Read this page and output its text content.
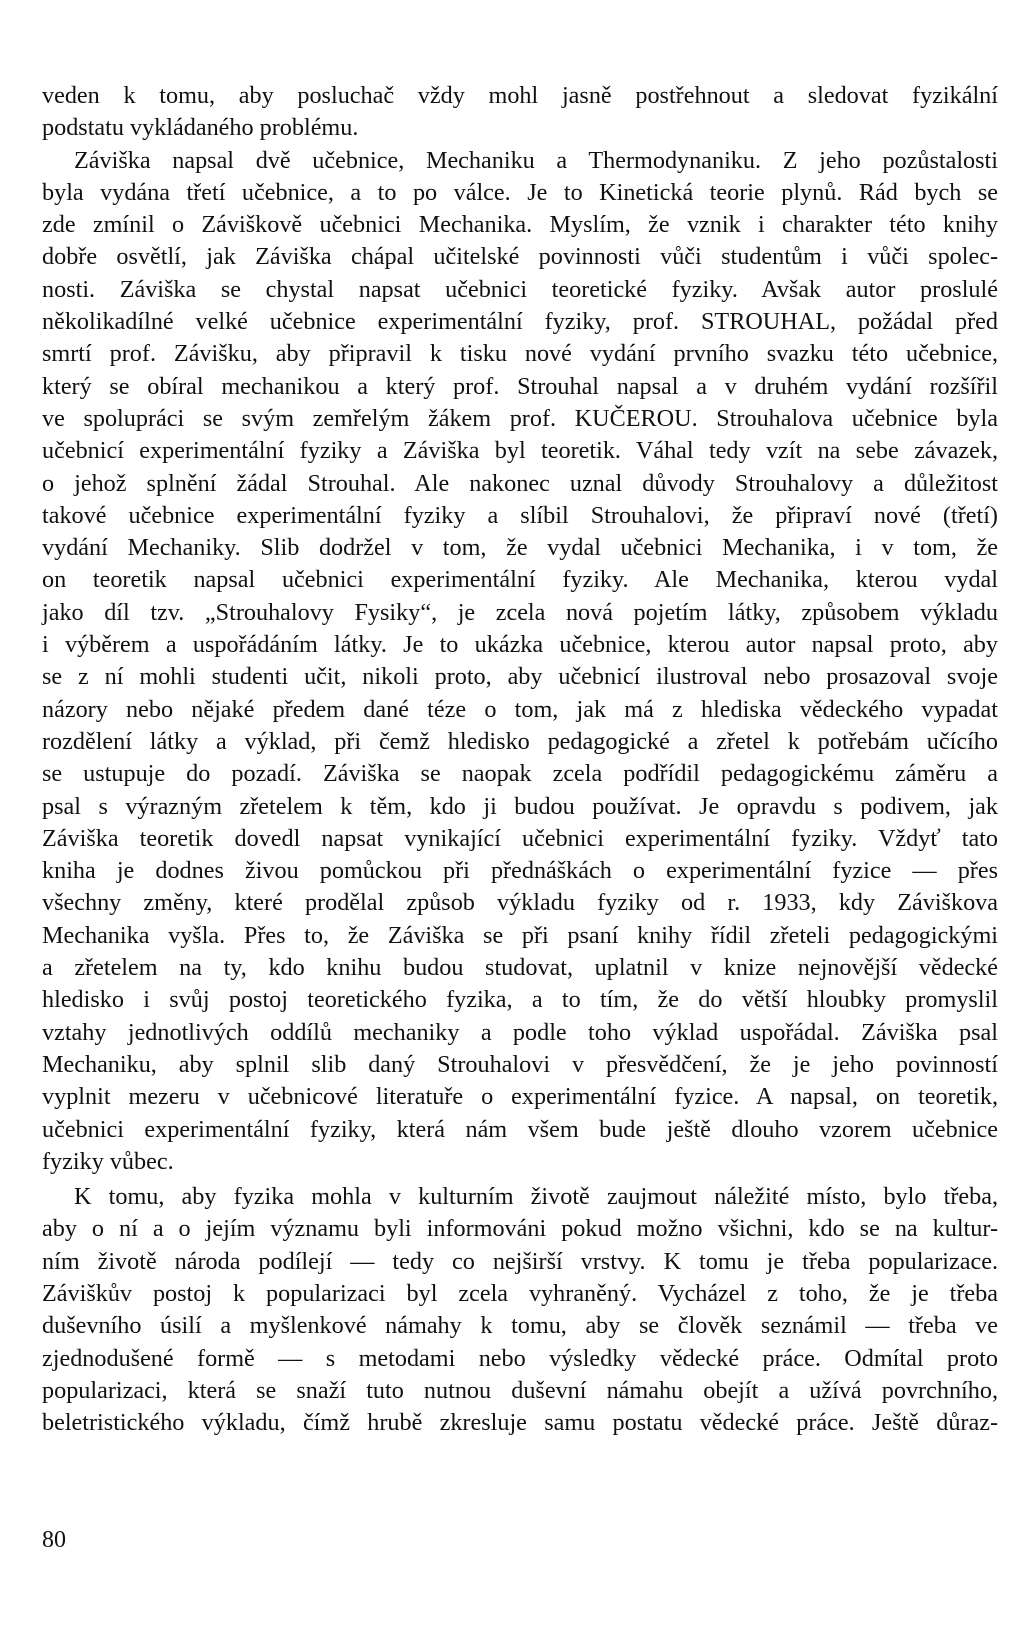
veden k tomu, aby posluchač vždy mohl jasně postřehnout a sledovat fyzikální
podstatu vykládaného problému.
Záviška napsal dvě učebnice, Mechaniku a Thermodynaniku. Z jeho pozůstalosti
byla vydána třetí učebnice, a to po válce. Je to Kinetická teorie plynů. Rád bych se
zde zmínil o Záviškově učebnici Mechanika. Myslím, že vznik i charakter této knihy
dobře osvětlí, jak Záviška chápal učitelské povinnosti vůči studentům i vůči spolec-
nosti. Záviška se chystal napsat učebnici teoretické fyziky. Avšak autor proslulé
několikadílné velké učebnice experimentální fyziky, prof. STROUHAL, požádal před
smrtí prof. Závišku, aby připravil k tisku nové vydání prvního svazku této učebnice,
který se obíral mechanikou a který prof. Strouhal napsal a v druhém vydání rozšířil
ve spolupráci se svým zemřelým žákem prof. KUČEROU. Strouhalova učebnice byla
učebnicí experimentální fyziky a Záviška byl teoretik. Váhal tedy vzít na sebe závazek,
o jehož splnění žádal Strouhal. Ale nakonec uznal důvody Strouhalovy a důležitost
takové učebnice experimentální fyziky a slíbil Strouhalovi, že připraví nové (třetí)
vydání Mechaniky. Slib dodržel v tom, že vydal učebnici Mechanika, i v tom, že
on teoretik napsal učebnici experimentální fyziky. Ale Mechanika, kterou vydal
jako díl tzv. „Strouhalovy Fysiky“, je zcela nová pojetím látky, způsobem výkladu
i výběrem a uspořádáním látky. Je to ukázka učebnice, kterou autor napsal proto, aby
se z ní mohli studenti učit, nikoli proto, aby učebnicí ilustroval nebo prosazoval svoje
názory nebo nějaké předem dané téze o tom, jak má z hlediska vědeckého vypadat
rozdělení látky a výklad, při čemž hledisko pedagogické a zřetel k potřebám učícího
se ustupuje do pozadí. Záviška se naopak zcela podřídil pedagogickému záměru a
psal s výrazným zřetelem k těm, kdo ji budou používat. Je opravdu s podivem, jak
Záviška teoretik dovedl napsat vynikající učebnici experimentální fyziky. Vždyť tato
kniha je dodnes živou pomůckou při přednáškách o experimentální fyzice — přes
všechny změny, které prodělal způsob výkladu fyziky od r. 1933, kdy Záviškova
Mechanika vyšla. Přes to, že Záviška se při psaní knihy řídil zřeteli pedagogickými
a zřetelem na ty, kdo knihu budou studovat, uplatnil v knize nejnovější vědecké
hledisko i svůj postoj teoretického fyzika, a to tím, že do větší hloubky promyslil
vztahy jednotlivých oddílů mechaniky a podle toho výklad uspořádal. Záviška psal
Mechaniku, aby splnil slib daný Strouhalovi v přesvědčení, že je jeho povinností
vyplnit mezeru v učebnicové literatuře o experimentální fyzice. A napsal, on teoretik,
učebnici experimentální fyziky, která nám všem bude ještě dlouho vzorem učebnice
fyziky vůbec.
K tomu, aby fyzika mohla v kulturním životě zaujmout náležité místo, bylo třeba,
aby o ní a o jejím významu byli informováni pokud možno všichni, kdo se na kultur-
ním životě národa podílejí — tedy co nejširší vrstvy. K tomu je třeba popularizace.
Záviškův postoj k popularizaci byl zcela vyhraněný. Vycházel z toho, že je třeba
duševního úsilí a myšlenkové námahy k tomu, aby se člověk seznámil — třeba ve
zjednodušené formě — s metodami nebo výsledky vědecké práce. Odmítal proto
popularizaci, která se snaží tuto nutnou duševní námahu obejít a užívá povrchního,
beletristického výkladu, čímž hrubě zkresluje samu postatu vědecké práce. Ještě důraz-
80
